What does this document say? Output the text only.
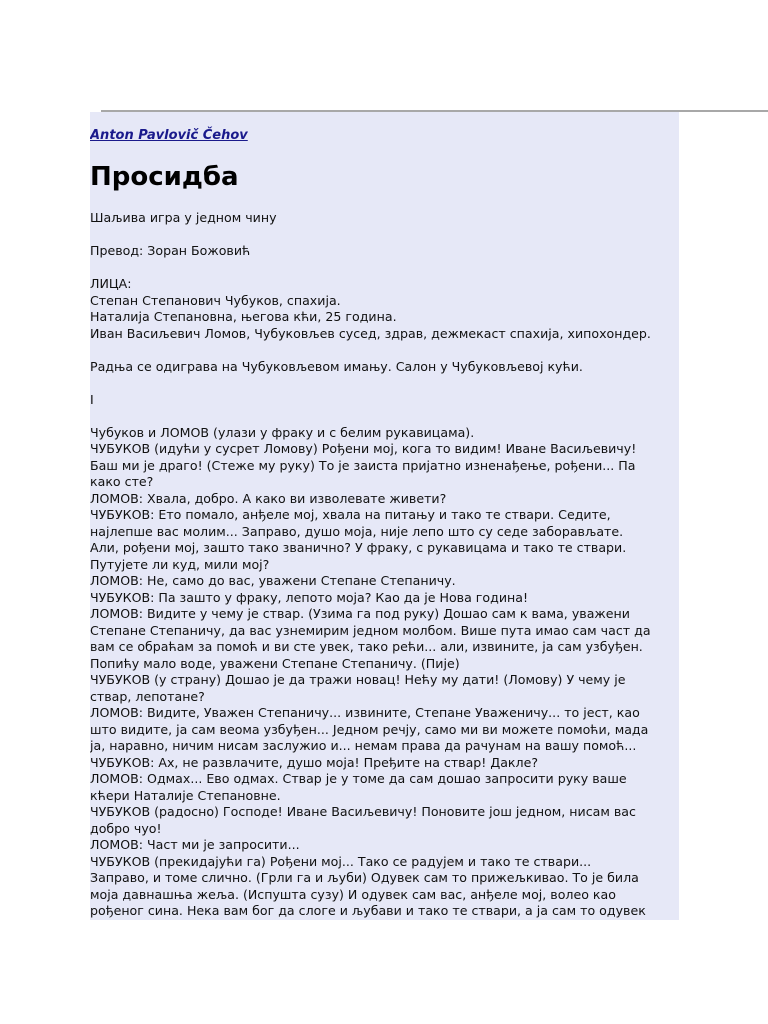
Anton Pavlovič Čehov
Просидба
Шаљива игра у једном чину
Превод: Зоран Божовић
ЛИЦА:
Степан Степанович Чубуков, спахија.
Наталија Степановна, његова кћи, 25 година.
Иван Васиљевич Ломов, Чубуковљев сусед, здрав, дежмекаст спахија, хипохондер.
Радња се одиграва на Чубуковљевом имању. Салон у Чубуковљевој кући.
I
Чубуков и ЛОМОВ (улази у фраку и с белим рукавицама).
ЧУБУКОВ (идући у сусрет Ломову) Рођени мој, кога то видим! Иване Васиљевичу!
Баш ми је драго! (Стеже му руку) То је заиста пријатно изненађење, рођени... Па
како сте?
ЛОМОВ: Хвала, добро. А како ви изволевате живети?
ЧУБУКОВ: Ето помало, анђеле мој, хвала на питању и тако те ствари. Седите,
најлепше вас молим... Заправо, душо моја, није лепо што су седе заборављате.
Али, рођени мој, зашто тако званично? У фраку, с рукавицама и тако те ствари.
Путујете ли куд, мили мој?
ЛОМОВ: Не, само до вас, уважени Степане Степаничу.
ЧУБУКОВ: Па зашто у фраку, лепото моја? Као да је Нова година!
ЛОМОВ: Видите у чему је ствар. (Узима га под руку) Дошао сам к вама, уважени
Степане Степаничу, да вас узнемирим једном молбом. Више пута имао сам част да
вам се обраћам за помоћ и ви сте увек, тако рећи... али, извините, ја сам узбуђен.
Попићу мало воде, уважени Степане Степаничу. (Пије)
ЧУБУКОВ (у страну) Дошао је да тражи новац! Нећу му дати! (Ломову) У чему је
ствар, лепотане?
ЛОМОВ: Видите, Уважен Степаничу... извините, Степане Уваженичу... то јест, као
што видите, ја сам веома узбуђен... Једном речју, само ми ви можете помоћи, мада
ја, наравно, ничим нисам заслужио и... немам права да рачунам на вашу помоћ...
ЧУБУКОВ: Ах, не развлачите, душо моја! Пређите на ствар! Дакле?
ЛОМОВ: Одмах... Ево одмах. Ствар је у томе да сам дошао запросити руку ваше
кћери Наталије Степановне.
ЧУБУКОВ (радосно) Господе! Иване Васиљевичу! Поновите још једном, нисам вас
добро чуо!
ЛОМОВ: Част ми је запросити...
ЧУБУКОВ (прекидајући га) Рођени мој... Тако се радујем и тако те ствари...
Заправо, и томе слично. (Грли га и љуби) Одувек сам то прижељкивао. То је била
моја давнашња жеља. (Испушта сузу) И одувек сам вас, анђеле мој, волео као
рођеног сина. Нека вам бог да слоге и љубави и тако те ствари, а ја сам то одувек
